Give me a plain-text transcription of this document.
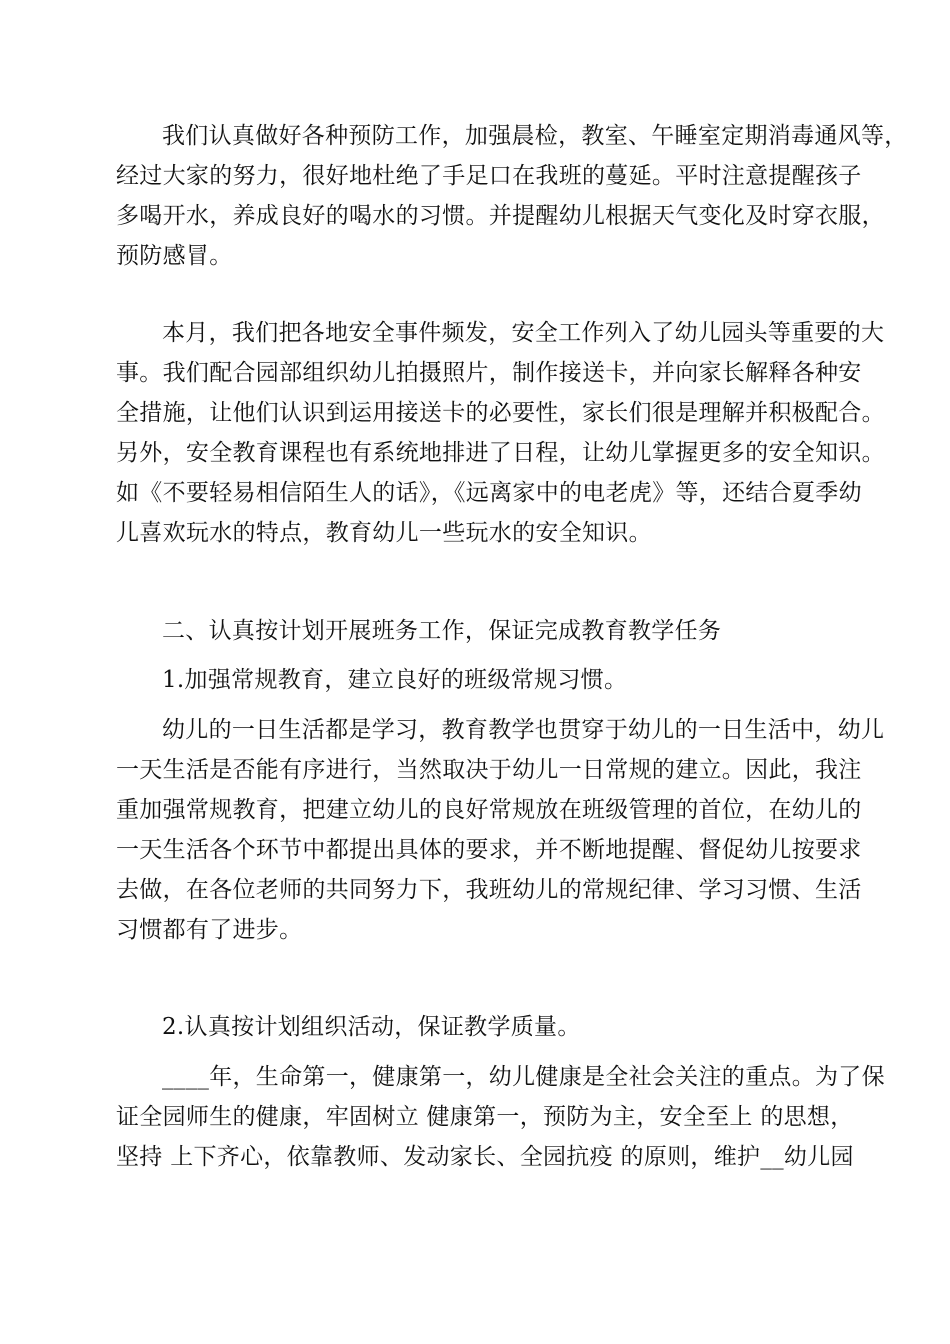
我们认真做好各种预防工作，加强晨检，教室、午睡室定期消毒通风等，
经过大家的努力，很好地杜绝了手足口在我班的蔓延。平时注意提醒孩子
多喝开水，养成良好的喝水的习惯。并提醒幼儿根据天气变化及时穿衣服，
预防感冒。

本月，我们把各地安全事件频发，安全工作列入了幼儿园头等重要的大
事。我们配合园部组织幼儿拍摄照片，制作接送卡，并向家长解释各种安
全措施，让他们认识到运用接送卡的必要性，家长们很是理解并积极配合。
另外，安全教育课程也有系统地排进了日程，让幼儿掌握更多的安全知识。
如《不要轻易相信陌生人的话》，《远离家中的电老虎》等，还结合夏季幼
儿喜欢玩水的特点，教育幼儿一些玩水的安全知识。

二、认真按计划开展班务工作，保证完成教育教学任务

1.加强常规教育，建立良好的班级常规习惯。

幼儿的一日生活都是学习，教育教学也贯穿于幼儿的一日生活中，幼儿
一天生活是否能有序进行，当然取决于幼儿一日常规的建立。因此，我注
重加强常规教育，把建立幼儿的良好常规放在班级管理的首位，在幼儿的
一天生活各个环节中都提出具体的要求，并不断地提醒、督促幼儿按要求
去做，在各位老师的共同努力下，我班幼儿的常规纪律、学习习惯、生活
习惯都有了进步。

2.认真按计划组织活动，保证教学质量。

____年，生命第一，健康第一，幼儿健康是全社会关注的重点。为了保
证全园师生的健康，牢固树立 健康第一，预防为主，安全至上 的思想，
坚持 上下齐心，依靠教师、发动家长、全园抗疫 的原则，维护__幼儿园
